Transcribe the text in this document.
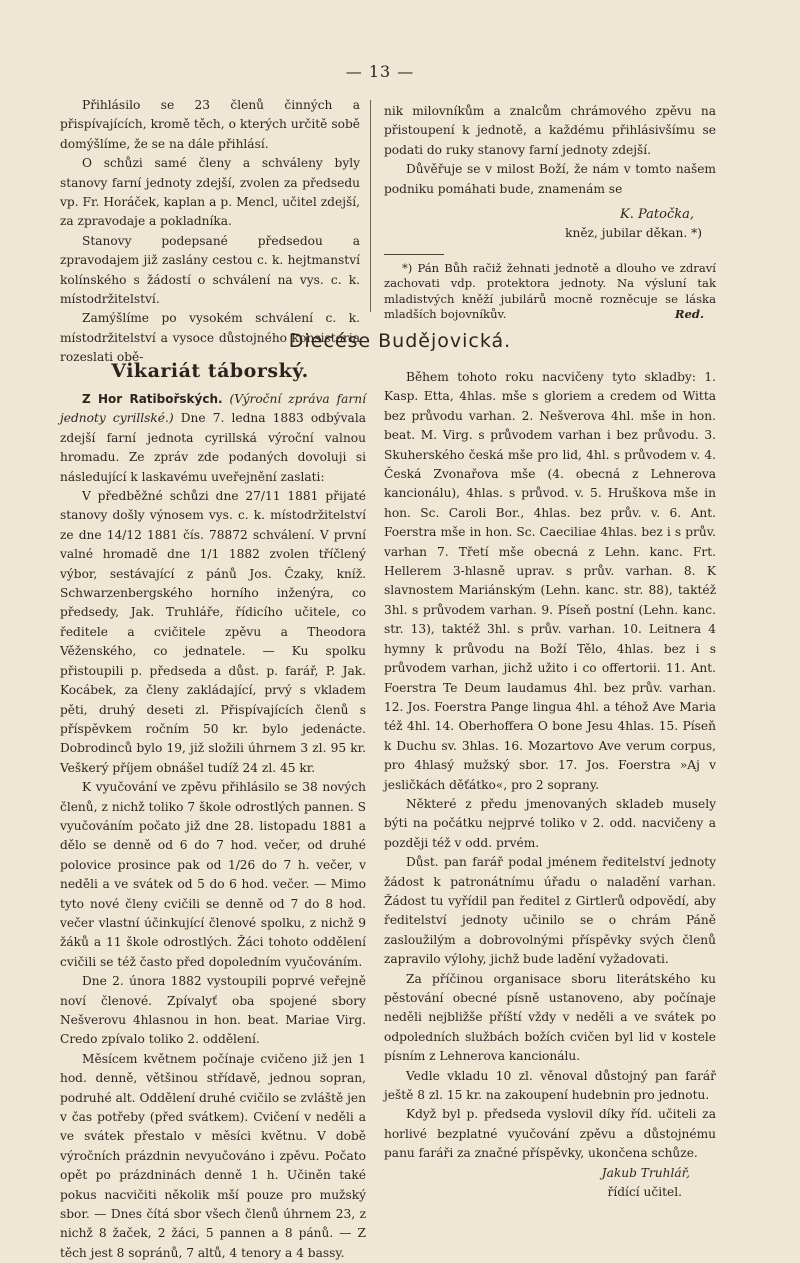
— 13 —

Přihlásilo se 23 členů činných a přispívajících, kromě těch, o kterých určitě sobě domýšlíme, že se na dále přihlásí.

O schůzi samé členy a schváleny byly stanovy farní jednoty zdejší, zvolen za předsedu vp. Fr. Horáček, kaplan a p. Mencl, učitel zdejší, za zpravodaje a pokladníka.

Stanovy podepsané předsedou a zpravodajem již zaslány cestou c. k. hejtmanství kolínského s žádostí o schválení na vys. c. k. místodržitelství.

Zamýšlíme po vysokém schválení c. k. místodržitelství a vysoce důstojného konsistoria rozeslati obě-

nik milovníkům a znalcům chrámového zpěvu na přistoupení k jednotě, a každému přihlásivšímu se podati do ruky stanovy farní jednoty zdejší.

Důvěřuje se v milost Boží, že nám v tomto našem podniku pomáhati bude, znamenám se

K. Patočka,
kněz, jubilar děkan. *)

*) Pán Bůh račiž žehnati jednotě a dlouho ve zdraví zachovati vdp. protektora jednoty. Na výsluní tak mladistvých kněží jubilárů mocně rozněcuje se láska mladších bojovníkův.	Red.
Diecése Budějovická.
Vikariát táborský.

Z Hor Ratibořských. (Výroční zpráva farní jednoty cyrillské.) Dne 7. ledna 1883 odbývala zdejší farní jednota cyrillská výroční valnou hromadu. Ze zpráv zde podaných dovoluji si následující k laskavému uveřejnění zaslati:

V předběžné schůzi dne 27/11 1881 přijaté stanovy došly výnosem vys. c. k. místodržitelství ze dne 14/12 1881 čís. 78872 schválení. V první valné hromadě dne 1/1 1882 zvolen tříčlený výbor, sestávající z pánů Jos. Čzaky, kníž. Schwarzenbergského horního inženýra, co předsedy, Jak. Truhláře, řídicího učitele, co ředitele a cvičitele zpěvu a Theodora Věženského, co jednatele. — Ku spolku přistoupili p. předseda a důst. p. farář, P. Jak. Kocábek, za členy zakládající, prvý s vkladem pěti, druhý deseti zl. Přispívajících členů s příspěvkem ročním 50 kr. bylo jedenácte. Dobrodinců bylo 19, již složili úhrnem 3 zl. 95 kr. Veškerý příjem obnášel tudíž 24 zl. 45 kr.

K vyučování ve zpěvu přihlásilo se 38 nových členů, z nichž toliko 7 škole odrostlých pannen. S vyučováním počato již dne 28. listopadu 1881 a dělo se denně od 6 do 7 hod. večer, od druhé polovice prosince pak od 1/26 do 7 h. večer, v neděli a ve svátek od 5 do 6 hod. večer. — Mimo tyto nové členy cvičili se denně od 7 do 8 hod. večer vlastní účinkující členové spolku, z nichž 9 žáků a 11 škole odrostlých. Žáci tohoto oddělení cvičili se též často před dopoledním vyučováním.

Dne 2. února 1882 vystoupili poprvé veřejně noví členové. Zpívalyť oba spojené sbory Nešverovu 4hlasnou in hon. beat. Mariae Virg. Credo zpívalo toliko 2. oddělení.

Měsícem květnem počínaje cvičeno již jen 1 hod. denně, většinou střídavě, jednou sopran, podruhé alt. Oddělení druhé cvičilo se zvláště jen v čas potřeby (před svátkem). Cvičení v neděli a ve svátek přestalo v měsíci květnu. V době výročních prázdnin nevyučováno i zpěvu. Počato opět po prázdninách denně 1 h. Učiněn také pokus nacvičiti několik mší pouze pro mužský sbor. — Dnes čítá sbor všech členů úhrnem 23, z nichž 8 žaček, 2 žáci, 5 pannen a 8 pánů. — Z těch jest 8 sopránů, 7 altů, 4 tenory a 4 bassy.

Během tohoto roku nacvičeny tyto skladby: 1. Kasp. Etta, 4hlas. mše s gloriem a credem od Witta bez průvodu varhan. 2. Nešverova 4hl. mše in hon. beat. M. Virg. s průvodem varhan i bez průvodu. 3. Skuherského česká mše pro lid, 4hl. s průvodem v. 4. Česká Zvonařova mše (4. obecná z Lehnerova kancionálu), 4hlas. s průvod. v. 5. Hruškova mše in hon. Sc. Caroli Bor., 4hlas. bez prův. v. 6. Ant. Foerstra mše in hon. Sc. Caeciliae 4hlas. bez i s prův. varhan 7. Třetí mše obecná z Lehn. kanc. Frt. Hellerem 3-hlasně uprav. s prův. varhan. 8. K slavnostem Mariánským (Lehn. kanc. str. 88), taktéž 3hl. s průvodem varhan. 9. Píseň postní (Lehn. kanc. str. 13), taktéž 3hl. s prův. varhan. 10. Leitnera 4 hymny k průvodu na Boží Tělo, 4hlas. bez i s průvodem varhan, jichž užito i co offertorii. 11. Ant. Foerstra Te Deum laudamus 4hl. bez prův. varhan. 12. Jos. Foerstra Pange lingua 4hl. a téhož Ave Maria též 4hl. 14. Oberhoffera O bone Jesu 4hlas. 15. Píseň k Duchu sv. 3hlas. 16. Mozartovo Ave verum corpus, pro 4hlasý mužský sbor. 17. Jos. Foerstra »Aj v jesličkách děťátko«, pro 2 soprany.

Některé z předu jmenovaných skladeb musely býti na počátku nejprvé toliko v 2. odd. nacvičeny a později též v odd. prvém.

Důst. pan farář podal jménem ředitelství jednoty žádost k patronátnímu úřadu o naladění varhan. Žádost tu vyřídil pan ředitel z Girtlerů odpovědí, aby ředitelství jednoty učinilo se o chrám Páně zasloužilým a dobrovolnými příspěvky svých členů zapravilo výlohy, jichž bude ladění vyžadovati.

Za příčinou organisace sboru literátského ku pěstování obecné písně ustanoveno, aby počínaje neděli nejbližše příští vždy v neděli a ve svátek po odpoledních službách božích cvičen byl lid v kostele písním z Lehnerova kancionálu.

Vedle vkladu 10 zl. věnoval důstojný pan farář ještě 8 zl. 15 kr. na zakoupení hudebnin pro jednotu.

Když byl p. předseda vyslovil díky říd. učiteli za horlivé bezplatné vyučování zpěvu a důstojnému panu faráři za značné příspěvky, ukončena schůze.

Jakub Truhlář,
řídící učitel.
